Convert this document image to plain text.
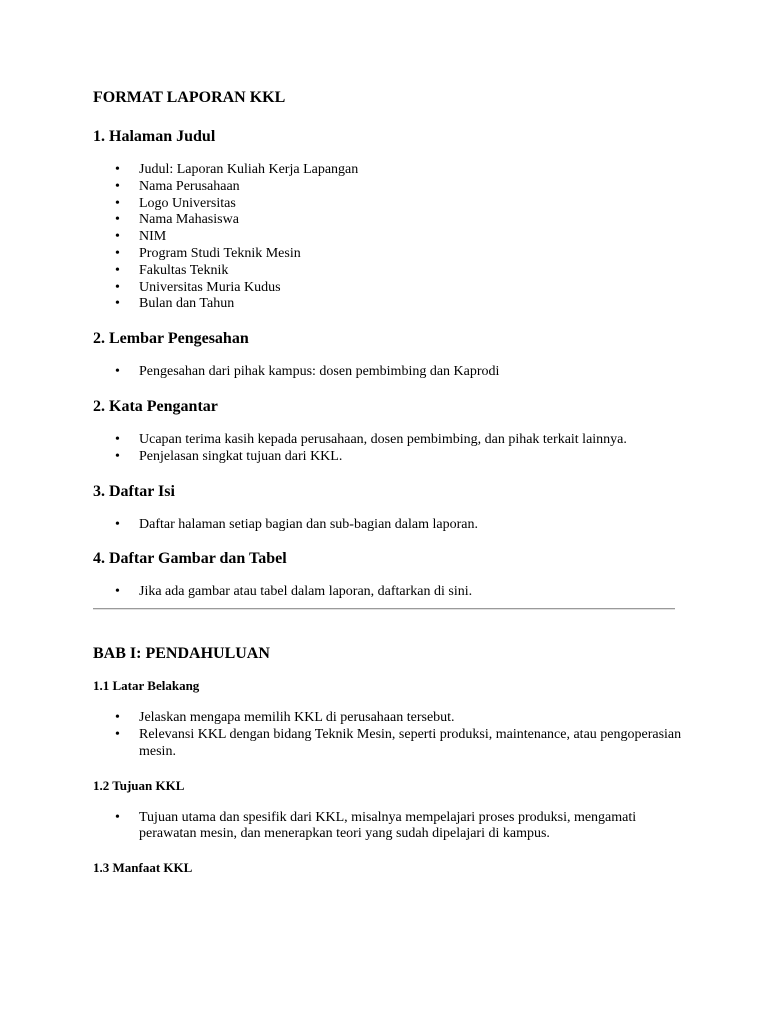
FORMAT LAPORAN KKL
1. Halaman Judul
• Judul: Laporan Kuliah Kerja Lapangan
• Nama Perusahaan
• Logo Universitas
• Nama Mahasiswa
• NIM
• Program Studi Teknik Mesin
• Fakultas Teknik
• Universitas Muria Kudus
• Bulan dan Tahun
2. Lembar Pengesahan
• Pengesahan dari pihak kampus: dosen pembimbing dan Kaprodi
2. Kata Pengantar
• Ucapan terima kasih kepada perusahaan, dosen pembimbing, dan pihak terkait lainnya.
• Penjelasan singkat tujuan dari KKL.
3. Daftar Isi
• Daftar halaman setiap bagian dan sub-bagian dalam laporan.
4. Daftar Gambar dan Tabel
• Jika ada gambar atau tabel dalam laporan, daftarkan di sini.
BAB I: PENDAHULUAN
1.1 Latar Belakang
• Jelaskan mengapa memilih KKL di perusahaan tersebut.
• Relevansi KKL dengan bidang Teknik Mesin, seperti produksi, maintenance, atau pengoperasian mesin.
1.2 Tujuan KKL
• Tujuan utama dan spesifik dari KKL, misalnya mempelajari proses produksi, mengamati perawatan mesin, dan menerapkan teori yang sudah dipelajari di kampus.
1.3 Manfaat KKL
